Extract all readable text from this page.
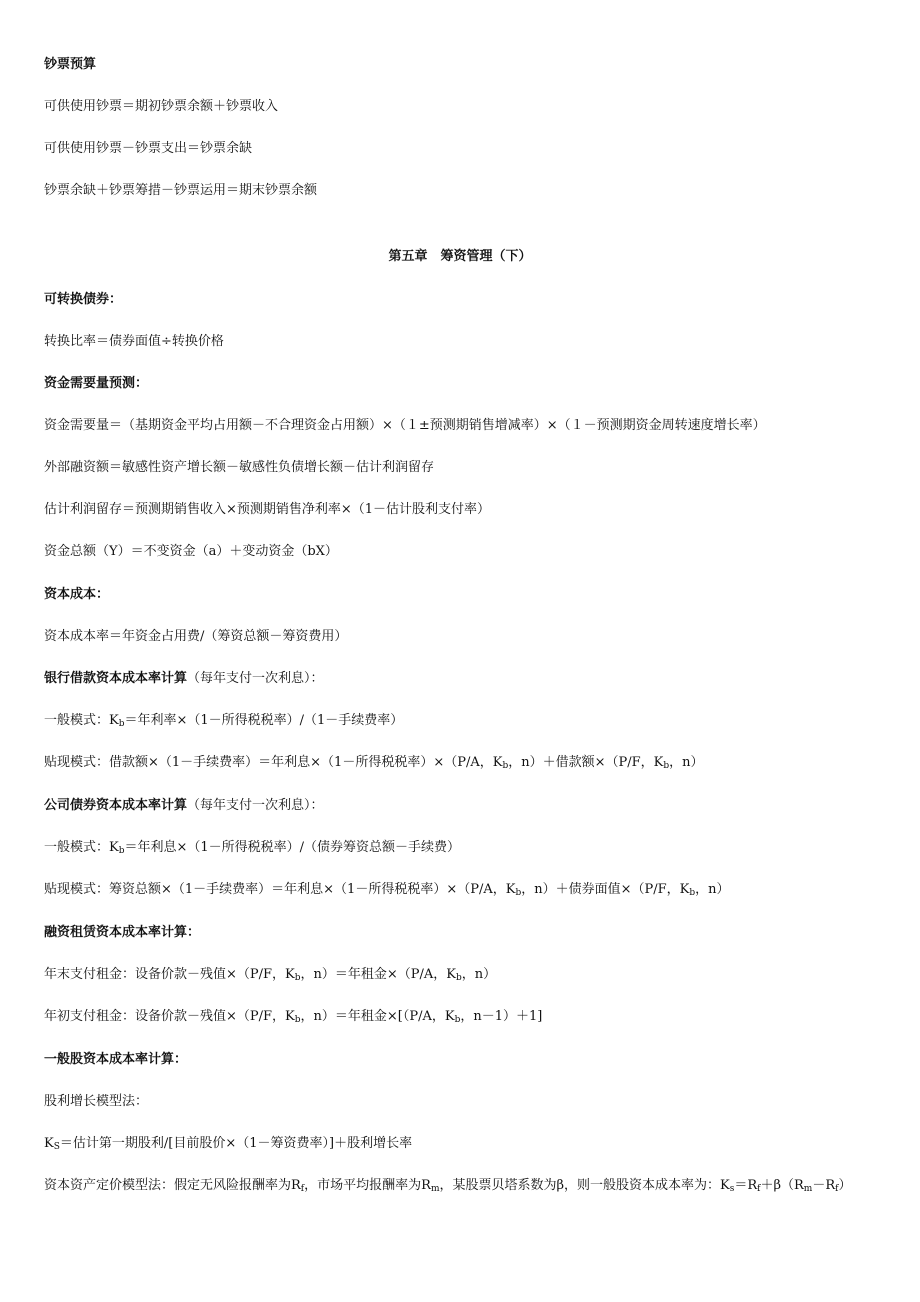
钞票预算
可供使用钞票＝期初钞票余额＋钞票收入
可供使用钞票－钞票支出＝钞票余缺
钞票余缺＋钞票筹措－钞票运用＝期末钞票余额
第五章　筹资管理（下）
可转换债券：
转换比率＝债券面值÷转换价格
资金需要量预测：
资金需要量＝（基期资金平均占用额－不合理资金占用额）×（１±预测期销售增减率）×（１－预测期资金周转速度增长率）
外部融资额＝敏感性资产增长额－敏感性负债增长额－估计利润留存
估计利润留存＝预测期销售收入×预测期销售净利率×（1－估计股利支付率）
资金总额（Y）＝不变资金（a）＋变动资金（bX）
资本成本：
资本成本率＝年资金占用费/（筹资总额－筹资费用）
银行借款资本成本率计算（每年支付一次利息）：
一般模式：$K_b=$年利率×（1－所得税税率）/（1－手续费率）
贴现模式：借款额×（1－手续费率）＝年利息×（1－所得税税率）×（P/A，$K_b$，n）＋借款额×（P/F，$K_b$，n）
公司债券资本成本率计算（每年支付一次利息）：
一般模式：$K_b=$年利息×（1－所得税税率）/（债券筹资总额－手续费）
贴现模式：筹资总额×（1－手续费率）＝年利息×（1－所得税税率）×（P/A，$K_b$，n）＋债券面值×（P/F，$K_b$，n）
融资租赁资本成本率计算：
年末支付租金：设备价款－残值×（P/F，$K_b$，n）＝年租金×（P/A，$K_b$，n）
年初支付租金：设备价款－残值×（P/F，$K_b$，n）＝年租金×[（P/A，$K_b$，n－1）＋1]
一般股资本成本率计算：
股利增长模型法：
$K_S=$估计第一期股利/[目前股价×（1－筹资费率）]＋股利增长率
资本资产定价模型法：假定无风险报酬率为$R_f$，市场平均报酬率为$R_m$，某股票贝塔系数为β，则一般股资本成本率为：$K_s=R_f+\beta(R_m-R_f)$
